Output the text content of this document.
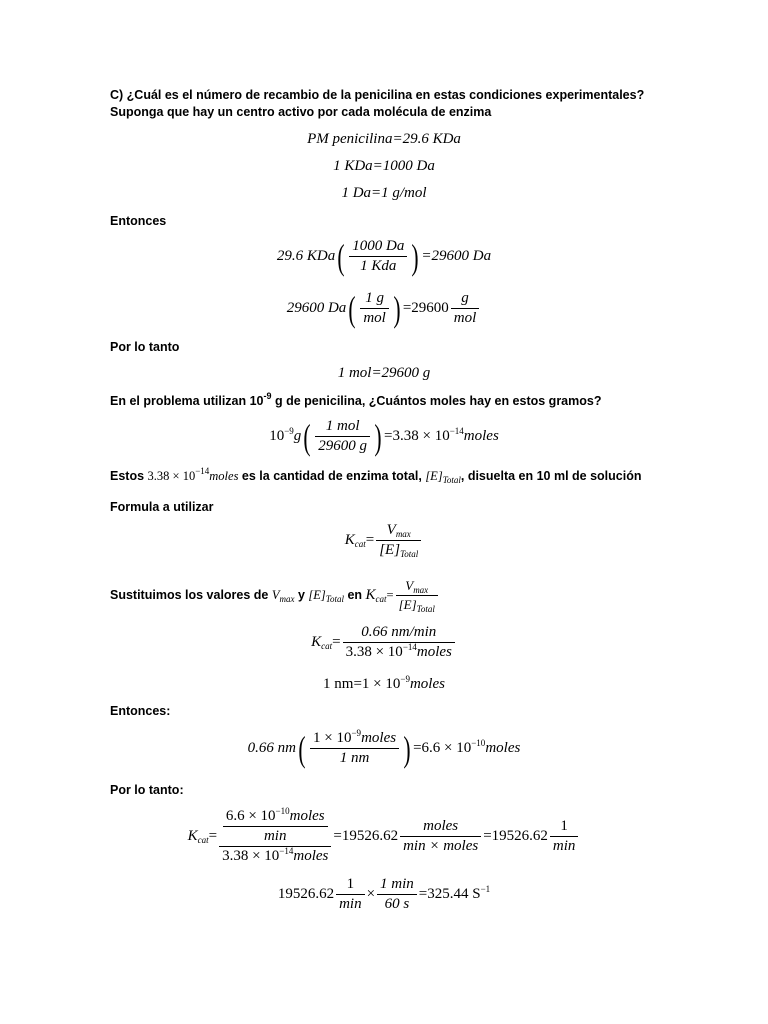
C) ¿Cuál es el número de recambio de la penicilina en estas condiciones experimentales?
Suponga que hay un centro activo por cada molécula de enzima
PM penicilina=29.6 KDa
1 KDa=1000 Da
1 Da=1 g/mol
Entonces
29.6 $KDa( \frac{1000 Da}{\text{1 Kda}}$ ) =29600 Da
29600 $Da( \frac{1 g}{\text{mol}}$ ) $=29600 \frac{g}{\text{mol}}$
Por lo tanto
1 mol=29600 g
En el problema utilizan $10^{-9}$ g de penicilina, ¿Cuántos moles hay en estos gramos?
$10^{-9}g( \frac{\text{1 mol}}{29600 g}$ ) $=3.38 \times 10^{-14}moles$
Estos $3.38 \times 10^{-14}moles$ es la cantidad de enzima total, $[E]_{Total}$, disuelta en 10 ml de solución
Formula a utilizar
$K_{cat}= \frac{V_{max}}{[E]_{Total}}$
Sustituimos los valores de $V_{max}$ y $[E]_{Total}$ en $K_{cat}= \frac{V_{max}}{[E]_{Total}}$
$K_{cat}= \frac{0.66 nm/\min}{3.38 \times 10^{-14}moles}$
1 $nm=1 \times 10^{-9}moles$
Entonces:
0.66 $nm( \frac{1 \times 10^{-9}moles}{1 nm}$ ) $=6.6 \times 10^{-10}moles$
Por lo tanto:
$K_{cat}= \frac{\frac{6.6 \times 10^{-10}moles}{\min}}{3.38 \times 10^{-14}moles} =19526.62 \frac{\text{moles}}{\text{min × moles}} =19526.62 \frac{1}{\min}$
$19526.62 \frac{1}{\min} \times \frac{1 \min}{60 s} =325.44$ $S^{-1}$
